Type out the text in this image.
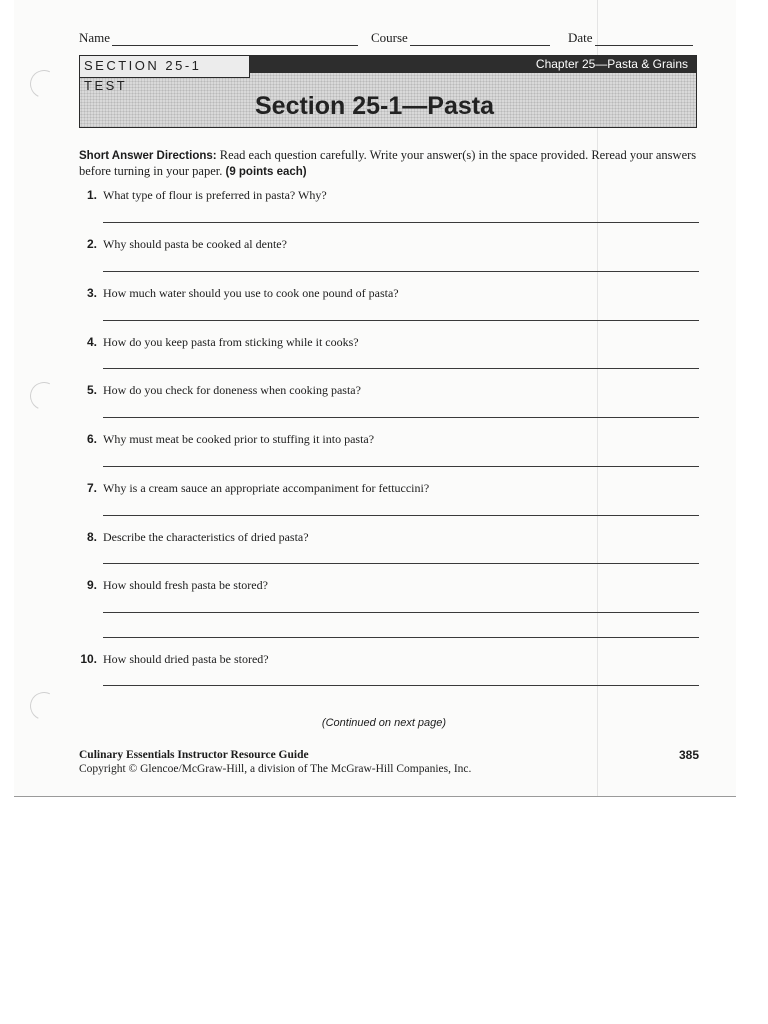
Name	Course	Date
SECTION 25-1 TEST
Chapter 25—Pasta & Grains
Section 25-1—Pasta
Short Answer Directions: Read each question carefully. Write your answer(s) in the space provided. Reread your answers before turning in your paper. (9 points each)
1. What type of flour is preferred in pasta? Why?
2. Why should pasta be cooked al dente?
3. How much water should you use to cook one pound of pasta?
4. How do you keep pasta from sticking while it cooks?
5. How do you check for doneness when cooking pasta?
6. Why must meat be cooked prior to stuffing it into pasta?
7. Why is a cream sauce an appropriate accompaniment for fettuccini?
8. Describe the characteristics of dried pasta?
9. How should fresh pasta be stored?
10. How should dried pasta be stored?
(Continued on next page)
Culinary Essentials Instructor Resource Guide
Copyright © Glencoe/McGraw-Hill, a division of The McGraw-Hill Companies, Inc.
385
